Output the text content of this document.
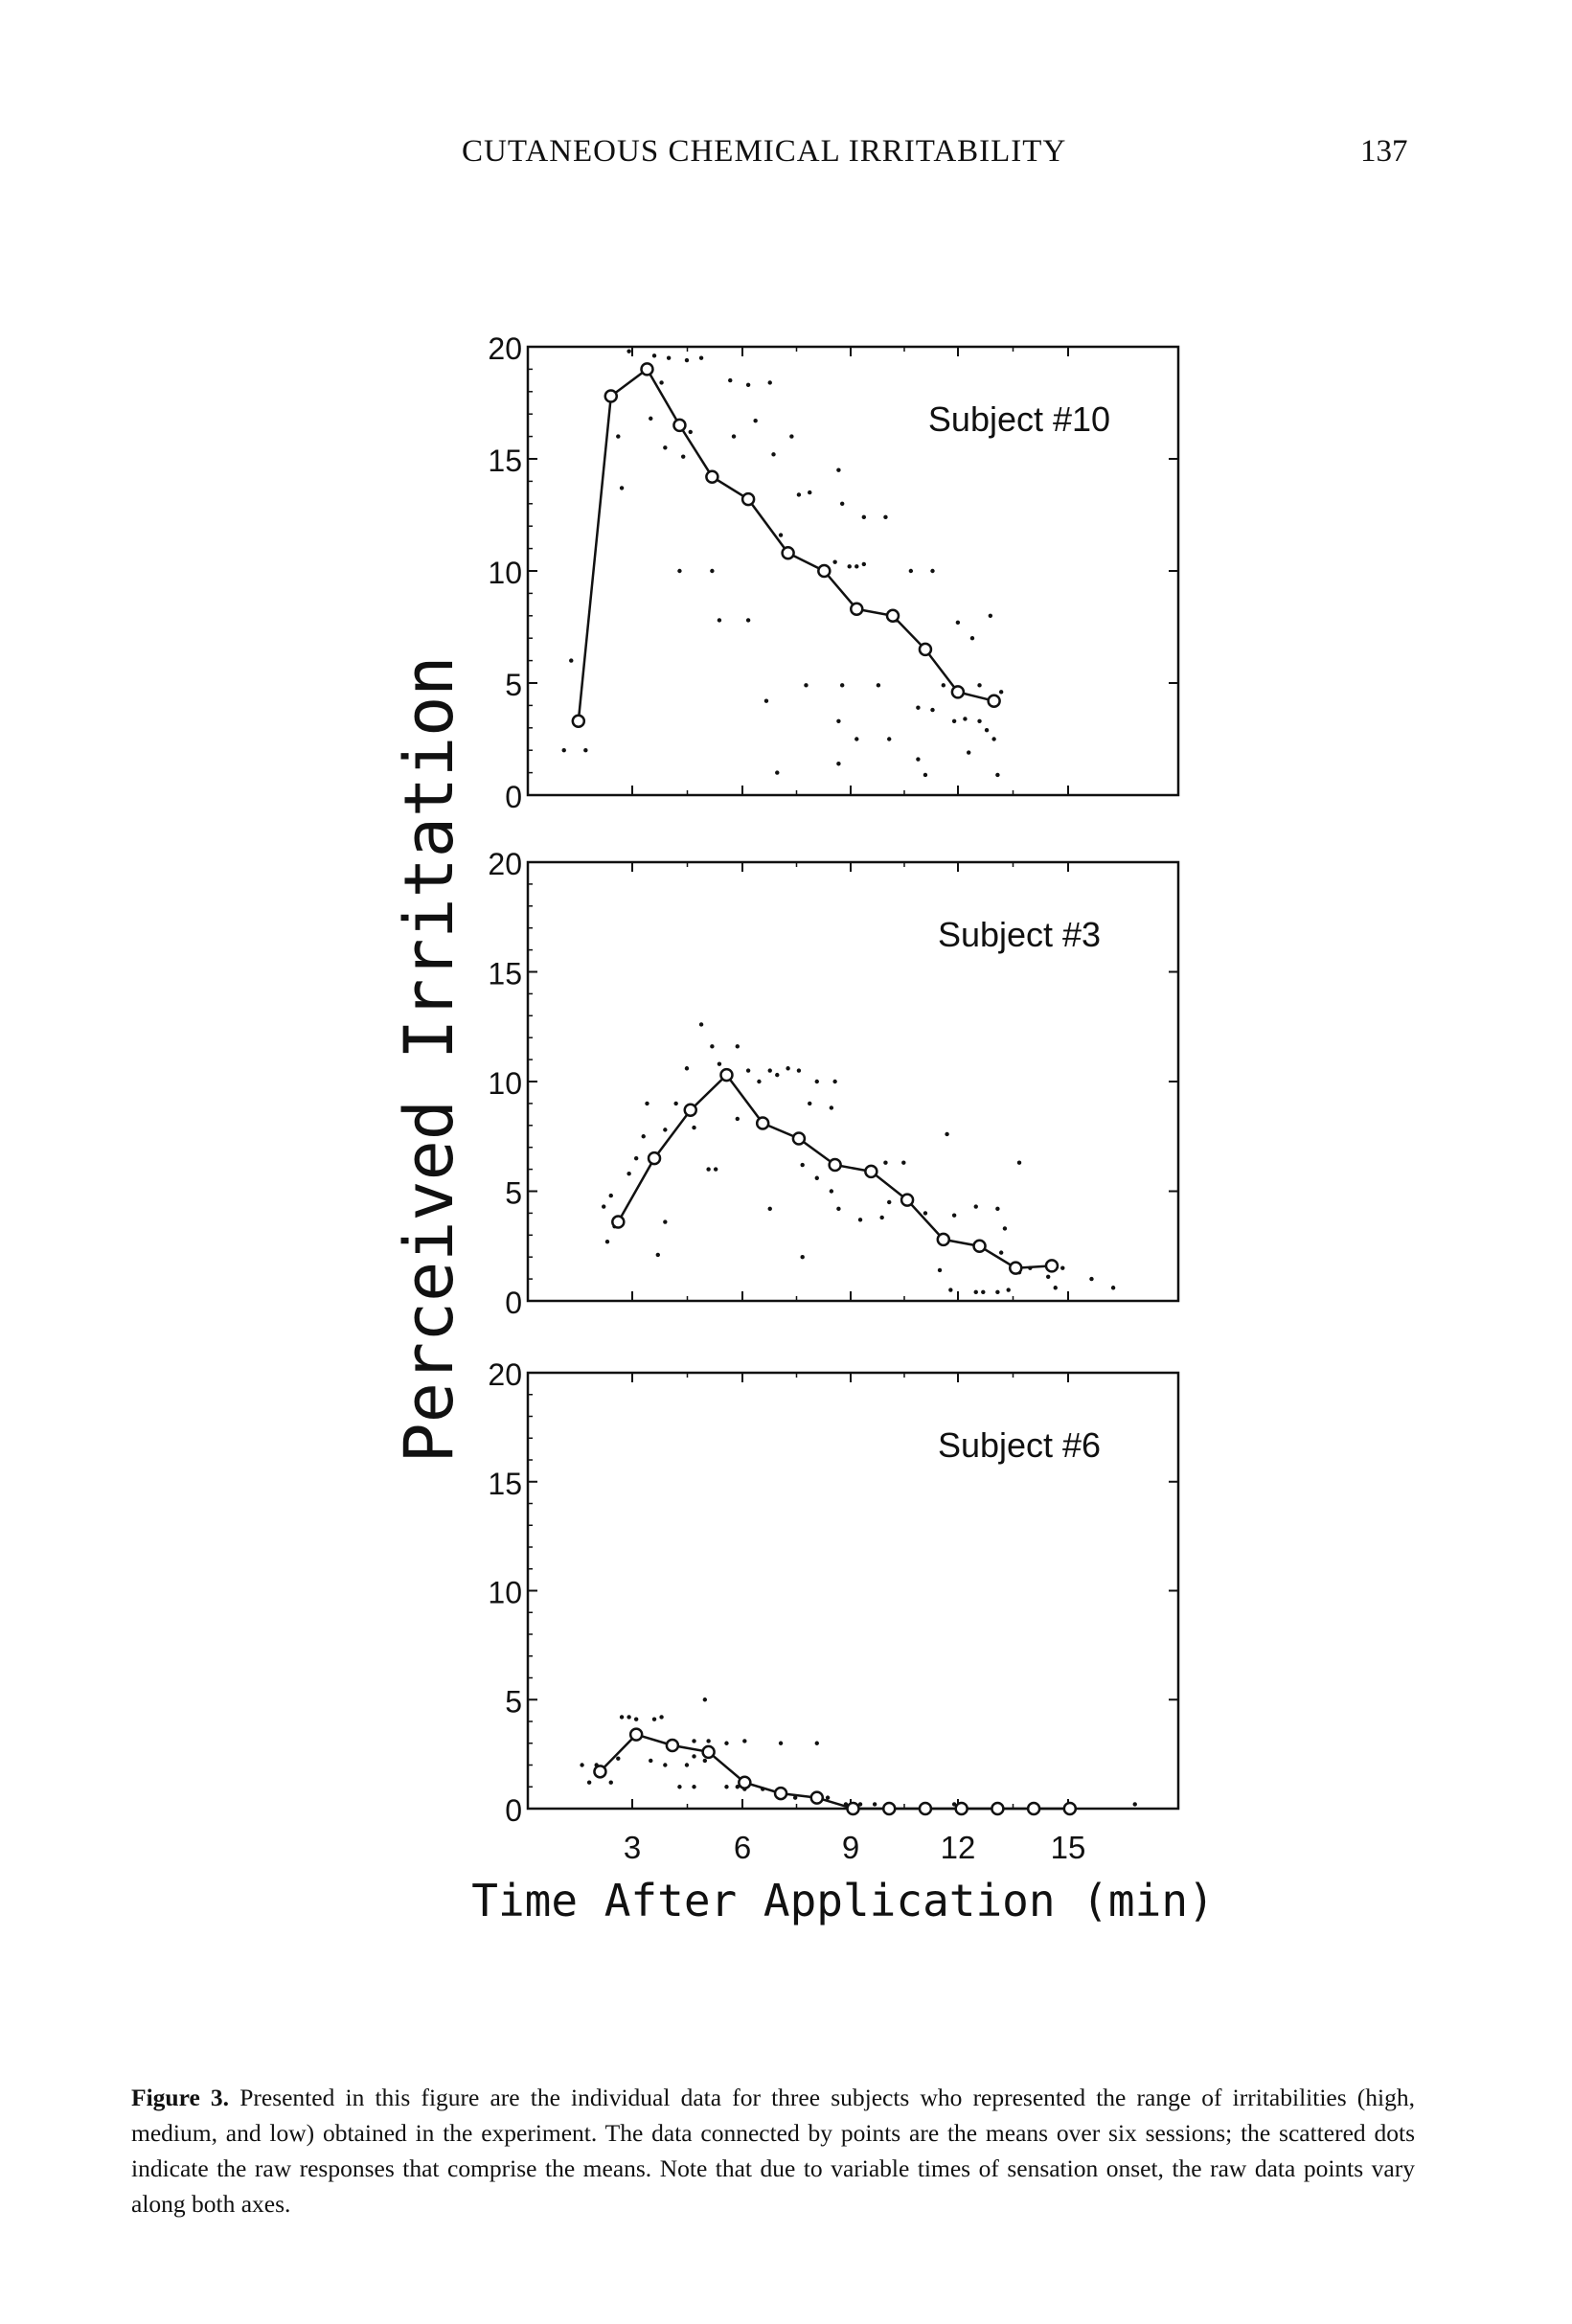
CUTANEOUS CHEMICAL IRRITABILITY	137
Perceived Irritation
Time After Application (min)
0
5
10
15
20
Subject #10
0
5
10
15
20
Subject #3
0
5
10
15
20
3	6	9	12 15
Subject #6

Figure 3. Presented in this figure are the individual data for three subjects who represented the range of irritabilities (high, medium, and low) obtained in the experiment. The data connected by points are the means over six sessions; the scattered dots indicate the raw responses that comprise the means. Note that due to variable times of sensation onset, the raw data points vary along both axes.
